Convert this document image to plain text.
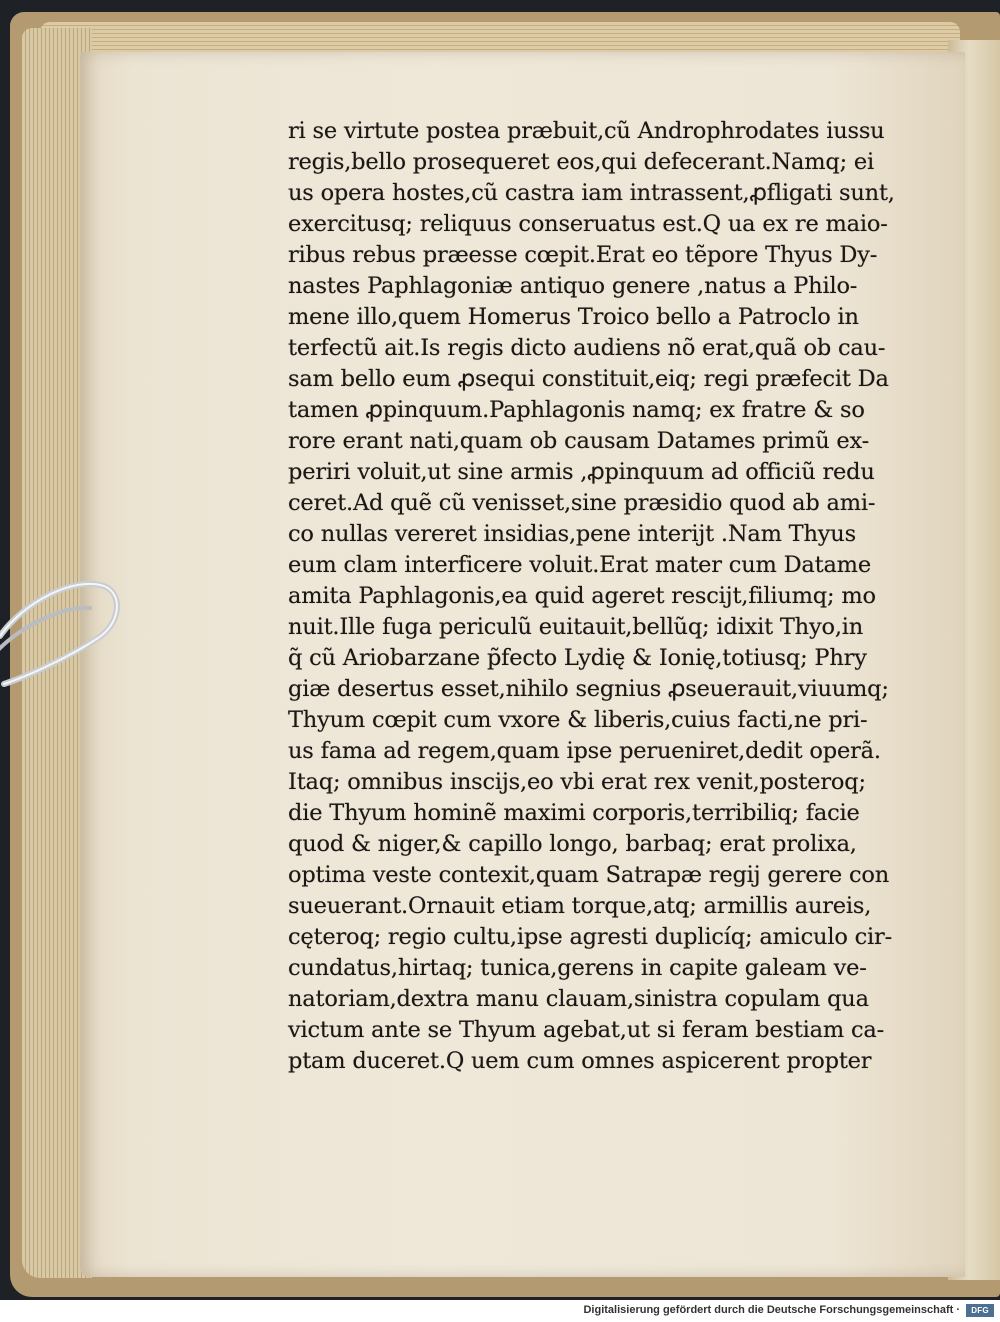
ri se virtute postea præbuit,cũ Androphrodates iussu
regis,bello prosequeret eos,qui defecerant.Namq; ei
us opera hostes,cũ castra iam intrassent,ꝓfligati sunt,
exercitusq; reliquus conseruatus est.Q ua ex re maio-
ribus rebus præesse cœpit.Erat eo tẽpore Thyus Dy-
nastes Paphlagoniæ antiquo genere ,natus a Philo-
mene illo,quem Homerus Troico bello a Patroclo in
terfectũ ait.Is regis dicto audiens nõ erat,quã ob cau-
sam bello eum ꝓsequi constituit,eiq; regi præfecit Da
tamen ꝓpinquum.Paphlagonis namq; ex fratre & so
rore erant nati,quam ob causam Datames primũ ex-
periri voluit,ut sine armis ,ꝓpinquum ad officiũ redu
ceret.Ad quẽ cũ venisset,sine præsidio quod ab ami-
co nullas vereret insidias,pene interijt .Nam Thyus
eum clam interficere voluit.Erat mater cum Datame
amita Paphlagonis,ea quid ageret rescijt,filiumq; mo
nuit.Ille fuga periculũ euitauit,bellũq; idixit Thyo,in
q̃ cũ Ariobarzane p̃fecto Lydię & Ionię,totiusq; Phry
giæ desertus esset,nihilo segnius ꝓseuerauit,viuumq;
Thyum cœpit cum vxore & liberis,cuius facti,ne pri-
us fama ad regem,quam ipse perueniret,dedit operã.
Itaq; omnibus inscijs,eo vbi erat rex venit,posteroq;
die Thyum hominẽ maximi corporis,terribiliq; facie
quod & niger,& capillo longo, barbaq; erat prolixa,
optima veste contexit,quam Satrapæ regij gerere con
sueuerant.Ornauit etiam torque,atq; armillis aureis,
cęteroq; regio cultu,ipse agresti duplicíq; amiculo cir-
cundatus,hirtaq; tunica,gerens in capite galeam ve-
natoriam,dextra manu clauam,sinistra copulam qua
victum ante se Thyum agebat,ut si feram bestiam ca-
ptam duceret.Q uem cum omnes aspicerent propter
Digitalisierung gefördert durch die Deutsche Forschungsgemeinschaft ·	DFG
